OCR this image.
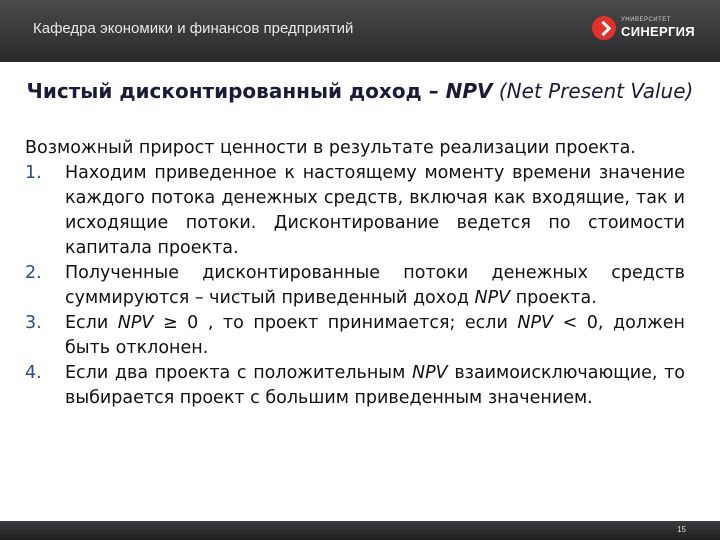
Кафедра экономики и финансов предприятий	УНИВЕРСИТЕТ
СИНЕРГИЯ
Чистый дисконтированный доход – NPV (Net Present Value)
Возможный прирост ценности в результате реализации проекта.
1. Находим приведенное к настоящему моменту времени значение каждого потока денежных средств, включая как входящие, так и исходящие потоки. Дисконтирование ведется по стоимости капитала проекта.
2. Полученные дисконтированные потоки денежных средств суммируются – чистый приведенный доход NPV проекта.
3. Если NPV ≥ 0 , то проект принимается; если NPV < 0, должен быть отклонен.
4. Если два проекта с положительным NPV взаимоисключающие, то выбирается проект с большим приведенным значением.
15
